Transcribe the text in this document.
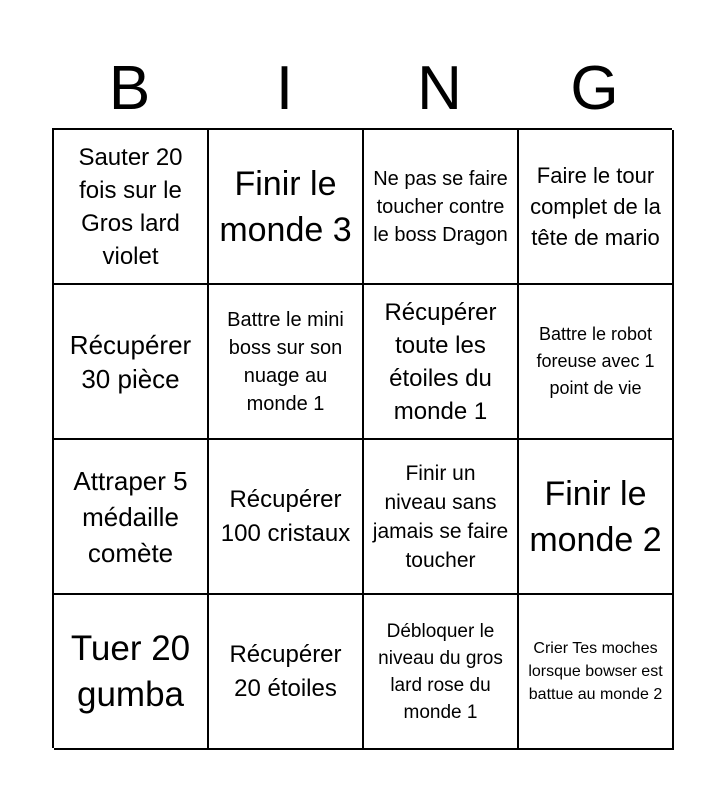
B	I	N	G
Sauter 20 fois sur le Gros lard violet
Finir le monde 3
Ne pas se faire toucher contre le boss Dragon
Faire le tour complet de la tête de mario
Récupérer 30 pièce
Battre le mini boss sur son nuage au monde 1
Récupérer toute les étoiles du monde 1
Battre le robot foreuse avec 1 point de vie
Attraper 5 médaille comète
Récupérer 100 cristaux
Finir un niveau sans jamais se faire toucher
Finir le monde 2
Tuer 20 gumba
Récupérer 20 étoiles
Débloquer le niveau du gros lard rose du monde 1
Crier Tes moches lorsque bowser est battue au monde 2
